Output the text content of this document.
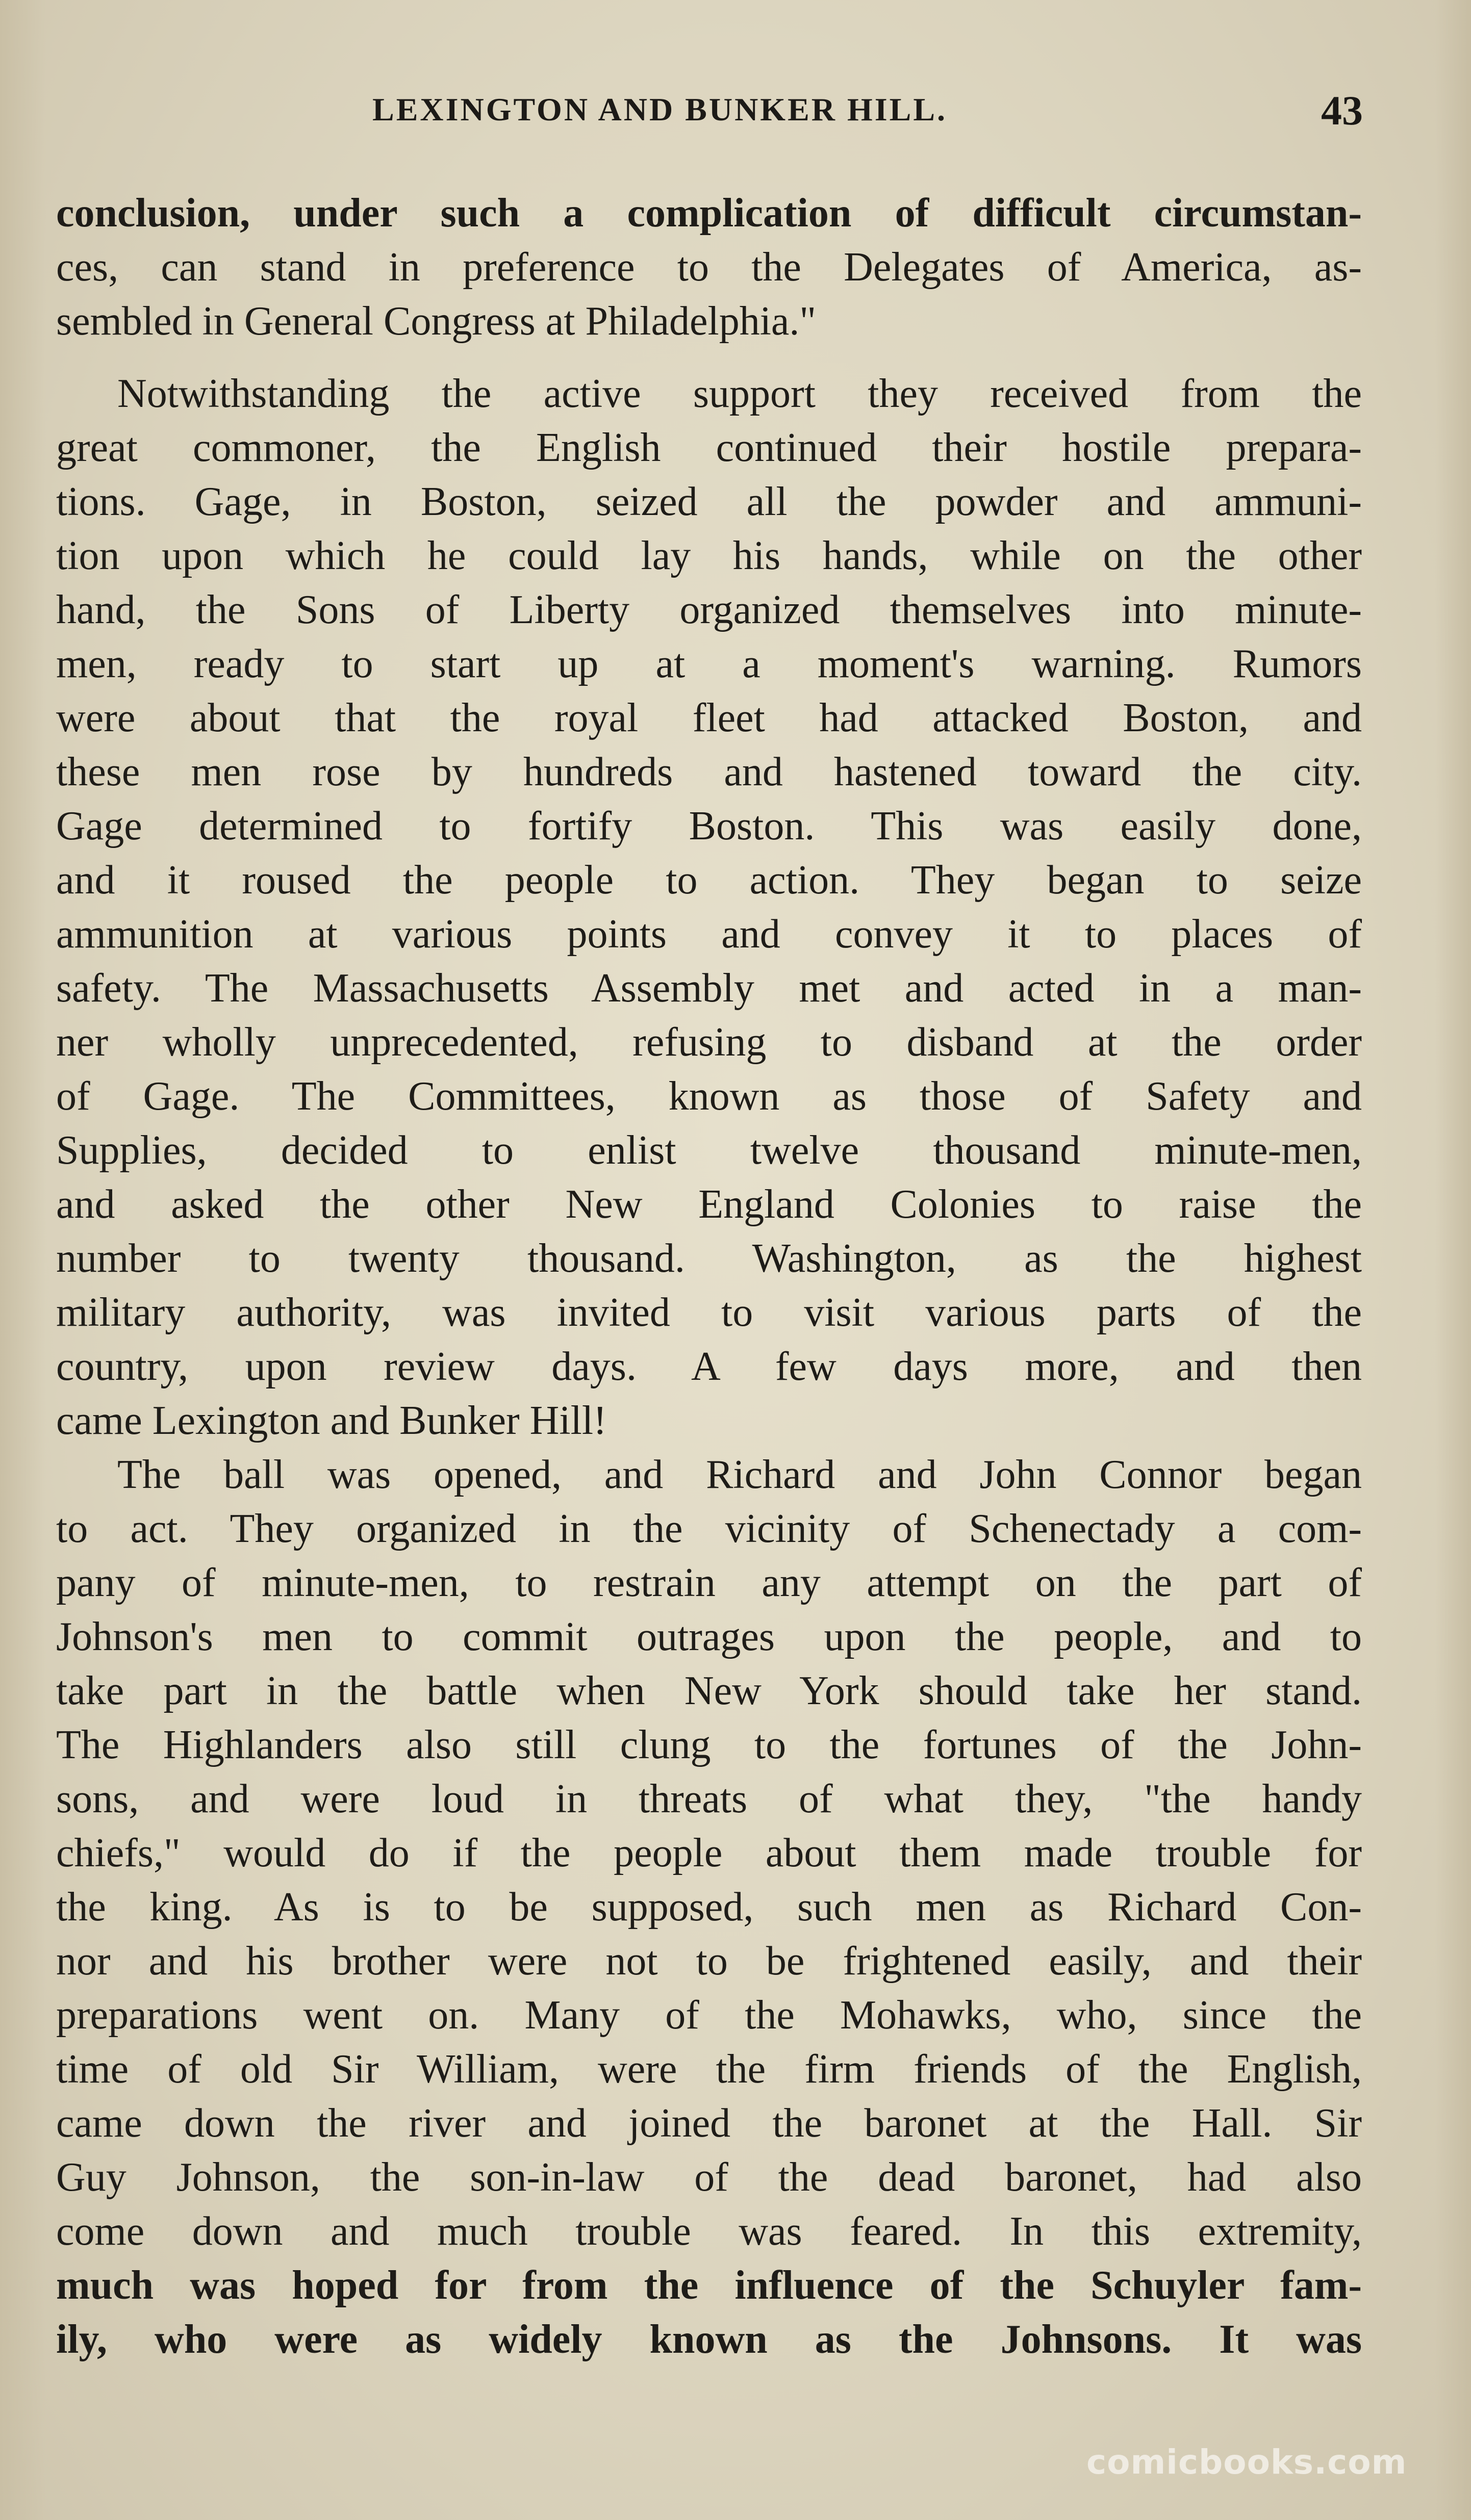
LEXINGTON AND BUNKER HILL.	43
conclusion, under such a complication of difficult circumstan-
ces, can stand in preference to the Delegates of America, as-
sembled in General Congress at Philadelphia."
Notwithstanding the active support they received from the
great commoner, the English continued their hostile prepara-
tions. Gage, in Boston, seized all the powder and ammuni-
tion upon which he could lay his hands, while on the other
hand, the Sons of Liberty organized themselves into minute-
men, ready to start up at a moment's warning. Rumors
were about that the royal fleet had attacked Boston, and
these men rose by hundreds and hastened toward the city.
Gage determined to fortify Boston. This was easily done,
and it roused the people to action. They began to seize
ammunition at various points and convey it to places of
safety. The Massachusetts Assembly met and acted in a man-
ner wholly unprecedented, refusing to disband at the order
of Gage. The Committees, known as those of Safety and
Supplies, decided to enlist twelve thousand minute-men,
and asked the other New England Colonies to raise the
number to twenty thousand. Washington, as the highest
military authority, was invited to visit various parts of the
country, upon review days. A few days more, and then
came Lexington and Bunker Hill!
The ball was opened, and Richard and John Connor began
to act. They organized in the vicinity of Schenectady a com-
pany of minute-men, to restrain any attempt on the part of
Johnson's men to commit outrages upon the people, and to
take part in the battle when New York should take her stand.
The Highlanders also still clung to the fortunes of the John-
sons, and were loud in threats of what they, "the handy
chiefs," would do if the people about them made trouble for
the king. As is to be supposed, such men as Richard Con-
nor and his brother were not to be frightened easily, and their
preparations went on. Many of the Mohawks, who, since the
time of old Sir William, were the firm friends of the English,
came down the river and joined the baronet at the Hall. Sir
Guy Johnson, the son-in-law of the dead baronet, had also
come down and much trouble was feared. In this extremity,
much was hoped for from the influence of the Schuyler fam-
ily, who were as widely known as the Johnsons. It was
comicbooks.com
